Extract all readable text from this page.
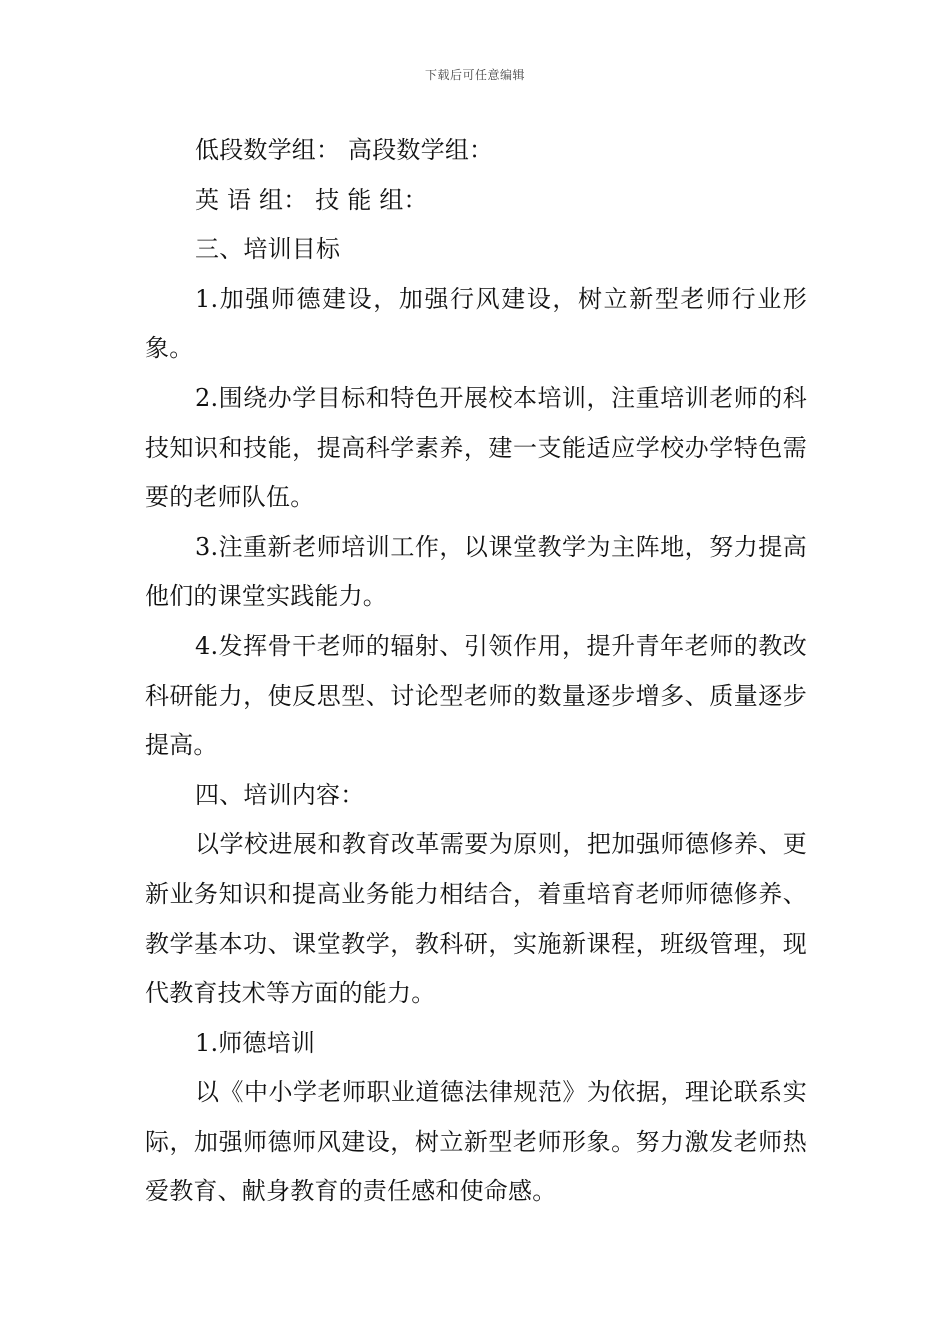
下载后可任意编辑

低段数学组： 高段数学组：

英 语 组： 技 能 组：

三、培训目标

1.加强师德建设，加强行风建设，树立新型老师行业形象。

2.围绕办学目标和特色开展校本培训，注重培训老师的科技知识和技能，提高科学素养，建一支能适应学校办学特色需要的老师队伍。

3.注重新老师培训工作，以课堂教学为主阵地，努力提高他们的课堂实践能力。

4.发挥骨干老师的辐射、引领作用，提升青年老师的教改科研能力，使反思型、讨论型老师的数量逐步增多、质量逐步提高。

四、培训内容：

以学校进展和教育改革需要为原则，把加强师德修养、更新业务知识和提高业务能力相结合，着重培育老师师德修养、教学基本功、课堂教学，教科研，实施新课程，班级管理，现代教育技术等方面的能力。

1.师德培训

以《中小学老师职业道德法律规范》为依据，理论联系实际，加强师德师风建设，树立新型老师形象。努力激发老师热爱教育、献身教育的责任感和使命感。
